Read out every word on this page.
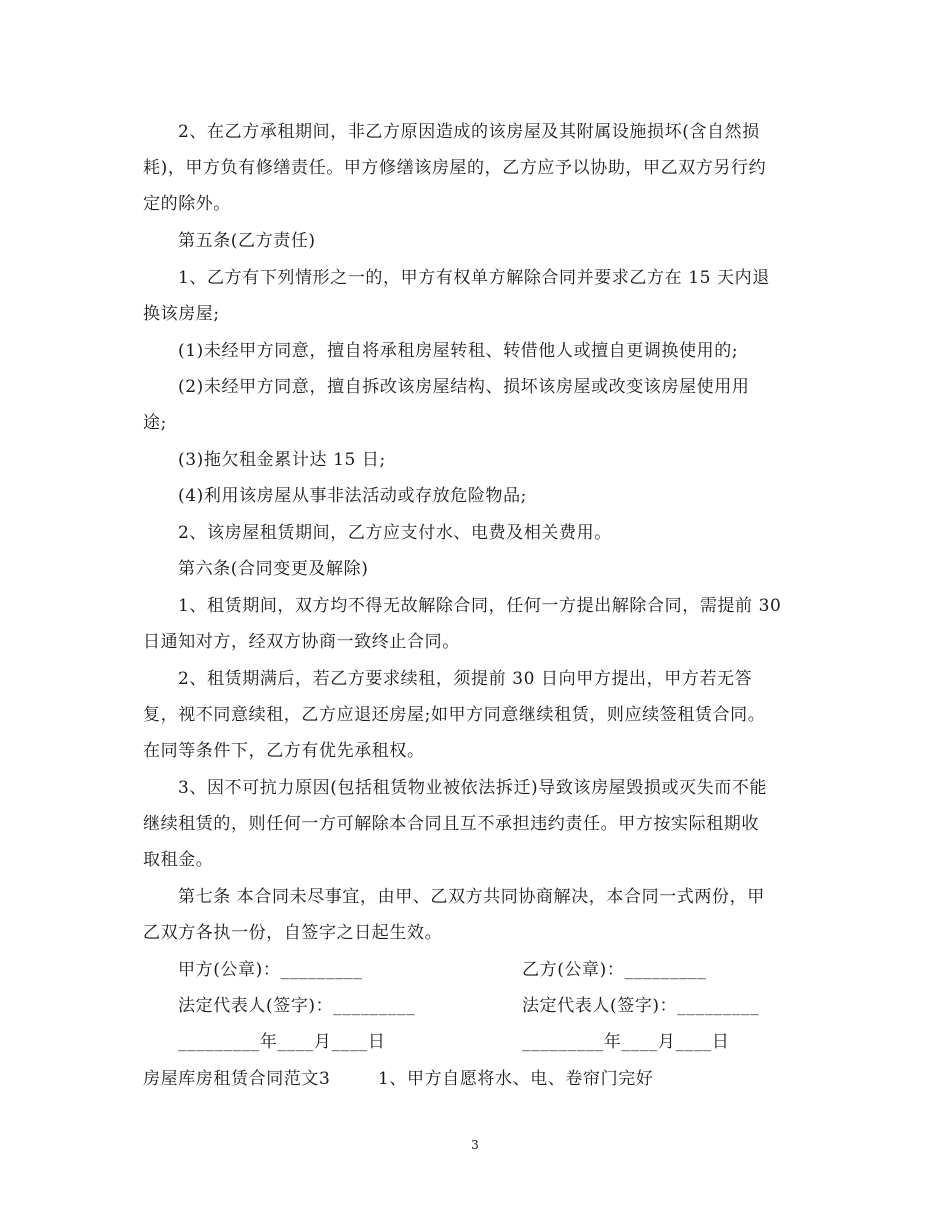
2、在乙方承租期间，非乙方原因造成的该房屋及其附属设施损坏(含自然损
耗)，甲方负有修缮责任。甲方修缮该房屋的，乙方应予以协助，甲乙双方另行约
定的除外。
第五条(乙方责任)
1、乙方有下列情形之一的，甲方有权单方解除合同并要求乙方在 15 天内退
换该房屋;
(1)未经甲方同意，擅自将承租房屋转租、转借他人或擅自更调换使用的;
(2)未经甲方同意，擅自拆改该房屋结构、损坏该房屋或改变该房屋使用用
途;
(3)拖欠租金累计达 15 日;
(4)利用该房屋从事非法活动或存放危险物品;
2、该房屋租赁期间，乙方应支付水、电费及相关费用。
第六条(合同变更及解除)
1、租赁期间，双方均不得无故解除合同，任何一方提出解除合同，需提前 30
日通知对方，经双方协商一致终止合同。
2、租赁期满后，若乙方要求续租，须提前 30 日向甲方提出，甲方若无答
复，视不同意续租，乙方应退还房屋;如甲方同意继续租赁，则应续签租赁合同。
在同等条件下，乙方有优先承租权。
3、因不可抗力原因(包括租赁物业被依法拆迁)导致该房屋毁损或灭失而不能
继续租赁的，则任何一方可解除本合同且互不承担违约责任。甲方按实际租期收
取租金。
第七条 本合同未尽事宜，由甲、乙双方共同协商解决，本合同一式两份，甲
乙双方各执一份，自签字之日起生效。
甲方(公章)：_________	乙方(公章)：_________
法定代表人(签字)：_________	法定代表人(签字)：_________
_________年____月____日	_________年____月____日
房屋库房租赁合同范文3	1、甲方自愿将水、电、卷帘门完好
3
